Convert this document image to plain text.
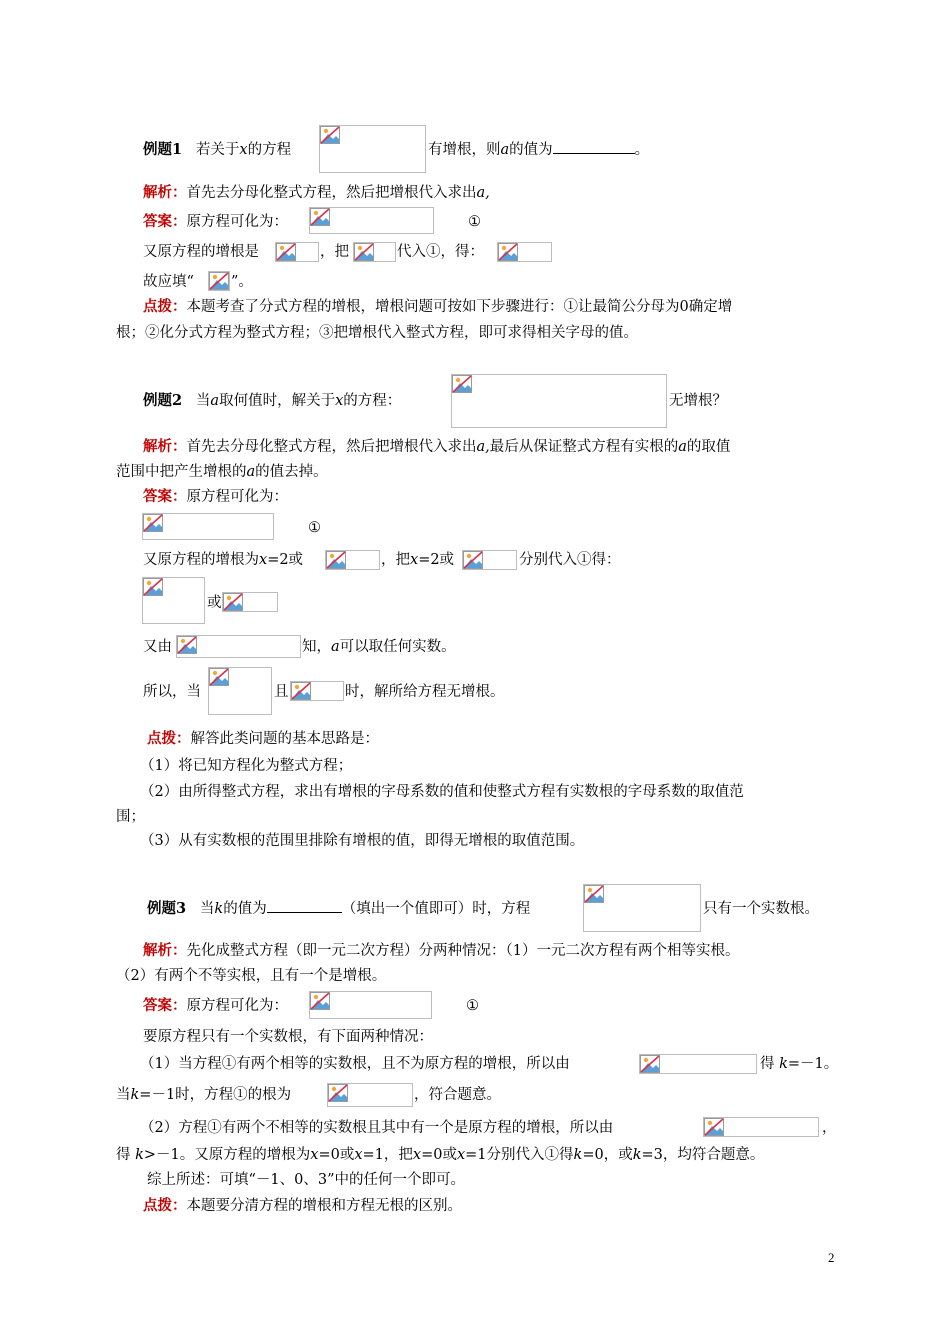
例题1 若关于x的方程	有增根，则a的值为	。
解析：首先去分母化整式方程，然后把增根代入求出a,
答案：原方程可化为：	①
又原方程的增根是	，把	代入①，得：
故应填“	”。
点拨：本题考查了分式方程的增根，增根问题可按如下步骤进行：①让最简公分母为0确定增
根；②化分式方程为整式方程；③把增根代入整式方程，即可求得相关字母的值。
例题2 当a取何值时，解关于x的方程：	无增根？
解析：首先去分母化整式方程，然后把增根代入求出a,最后从保证整式方程有实根的a的取值
范围中把产生增根的a的值去掉。
答案：原方程可化为：
①
又原方程的增根为x=2或	，把x=2或	分别代入①得：
或
又由	知，a可以取任何实数。
所以，当	且	时，解所给方程无增根。
点拨：解答此类问题的基本思路是：
（1）将已知方程化为整式方程；
（2）由所得整式方程，求出有增根的字母系数的值和使整式方程有实数根的字母系数的取值范
围；
（3）从有实数根的范围里排除有增根的值，即得无增根的取值范围。
例题3 当k的值为	（填出一个值即可）时，方程	只有一个实数根。
解析：先化成整式方程（即一元二次方程）分两种情况：（1）一元二次方程有两个相等实根。
（2）有两个不等实根，且有一个是增根。
答案：原方程可化为：	①
要原方程只有一个实数根，有下面两种情况：
（1）当方程①有两个相等的实数根，且不为原方程的增根，所以由	得 k=－1。
当k=－1时，方程①的根为	，符合题意。
（2）方程①有两个不相等的实数根且其中有一个是原方程的增根，所以由	，
得 k>－1。又原方程的增根为x=0或x=1，把x=0或x=1分别代入①得k=0，或k=3，均符合题意。
综上所述：可填“－1、0、3”中的任何一个即可。
点拨：本题要分清方程的增根和方程无根的区别。
2
